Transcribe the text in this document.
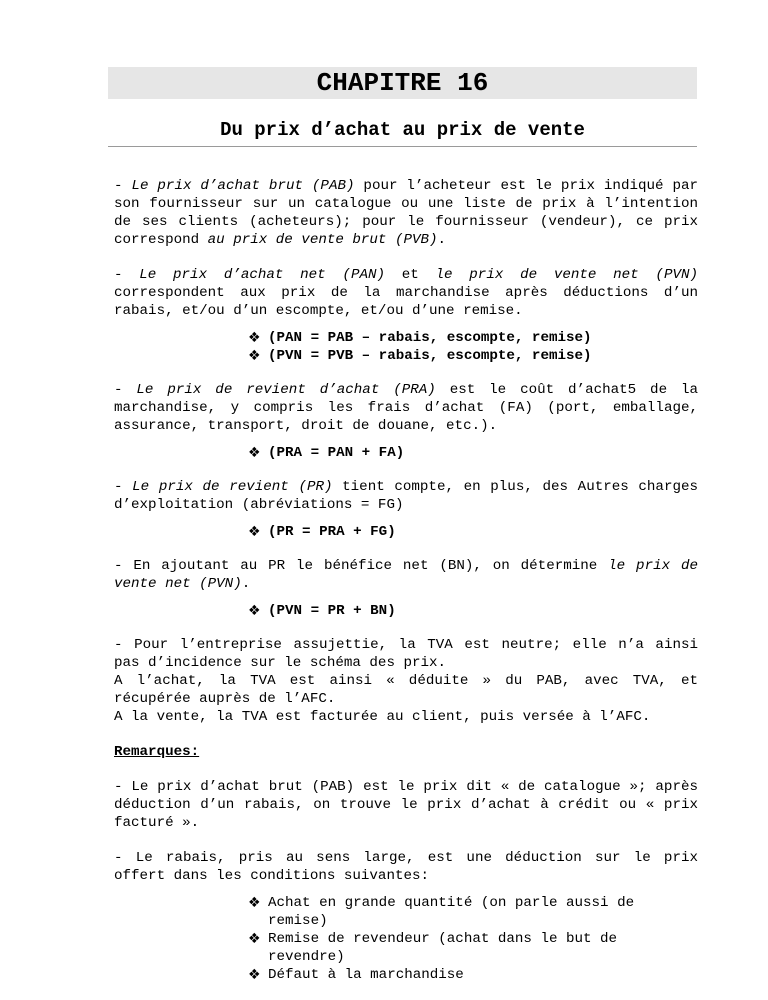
CHAPITRE 16
Du prix d’achat au prix de vente

- Le prix d’achat brut (PAB) pour l’acheteur est le prix indiqué par son fournisseur sur un catalogue ou une liste de prix à l’intention de ses clients (acheteurs); pour le fournisseur (vendeur), ce prix correspond au prix de vente brut (PVB).

- Le prix d’achat net (PAN) et le prix de vente net (PVN) correspondent aux prix de la marchandise après déductions d’un rabais, et/ou d’un escompte, et/ou d’une remise.

❖ (PAN = PAB – rabais, escompte, remise)
❖ (PVN = PVB – rabais, escompte, remise)

- Le prix de revient d’achat (PRA) est le coût d’achat5 de la marchandise, y compris les frais d’achat (FA) (port, emballage, assurance, transport, droit de douane, etc.).

❖ (PRA = PAN + FA)

- Le prix de revient (PR) tient compte, en plus, des Autres charges d’exploitation (abréviations = FG)

❖ (PR = PRA + FG)

- En ajoutant au PR le bénéfice net (BN), on détermine le prix de vente net (PVN).

❖ (PVN = PR + BN)

- Pour l’entreprise assujettie, la TVA est neutre; elle n’a ainsi pas d’incidence sur le schéma des prix.
A l’achat, la TVA est ainsi « déduite » du PAB, avec TVA, et récupérée auprès de l’AFC.
A la vente, la TVA est facturée au client, puis versée à l’AFC.

Remarques:

- Le prix d’achat brut (PAB) est le prix dit « de catalogue »; après déduction d’un rabais, on trouve le prix d’achat à crédit ou « prix facturé ».

- Le rabais, pris au sens large, est une déduction sur le prix offert dans les conditions suivantes:

❖ Achat en grande quantité (on parle aussi de remise)
❖ Remise de revendeur (achat dans le but de revendre)
❖ Défaut à la marchandise
